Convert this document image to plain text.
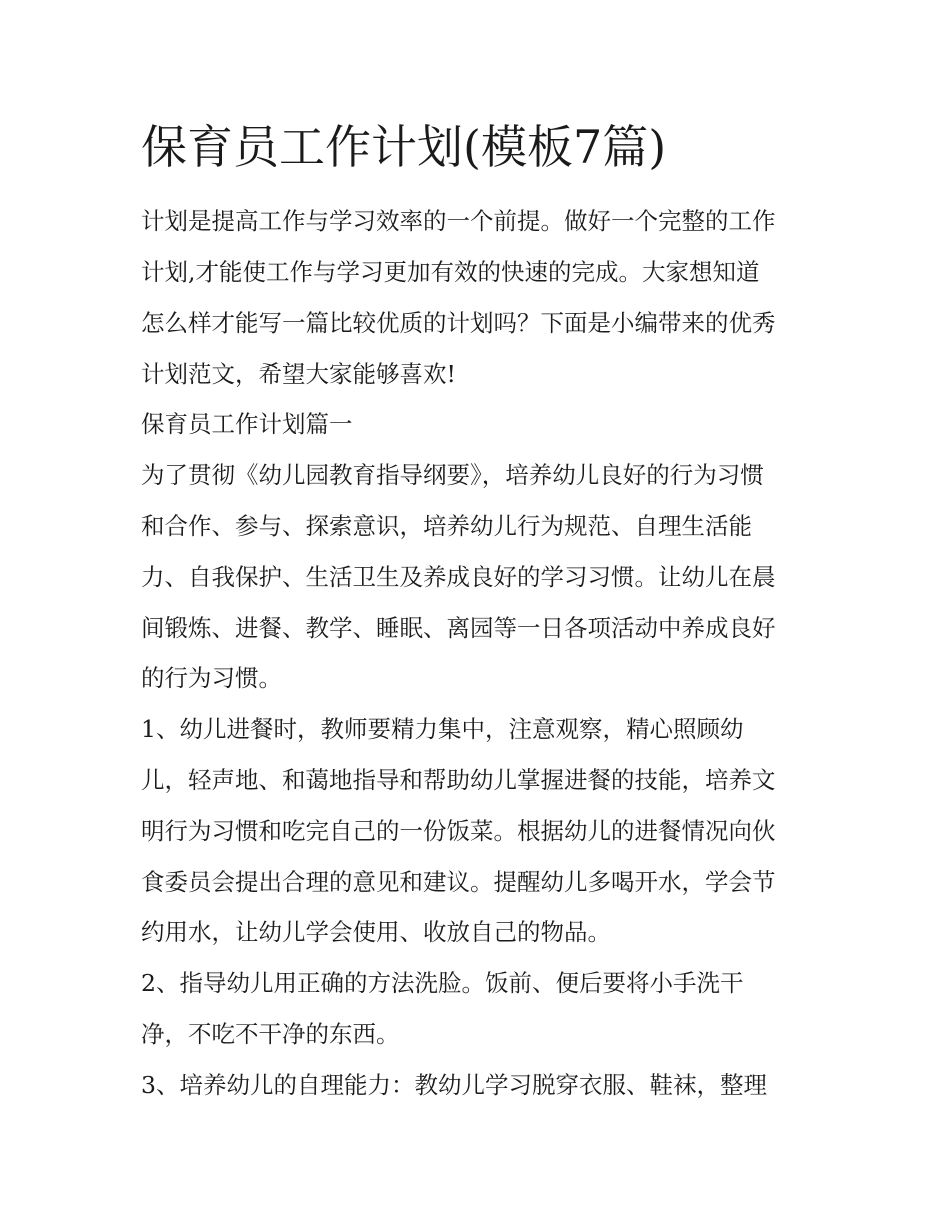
保育员工作计划(模板7篇)

计划是提高工作与学习效率的一个前提。做好一个完整的工作

计划,才能使工作与学习更加有效的快速的完成。大家想知道

怎么样才能写一篇比较优质的计划吗？下面是小编带来的优秀

计划范文，希望大家能够喜欢!

保育员工作计划篇一

为了贯彻《幼儿园教育指导纲要》，培养幼儿良好的行为习惯

和合作、参与、探索意识，培养幼儿行为规范、自理生活能

力、自我保护、生活卫生及养成良好的学习习惯。让幼儿在晨

间锻炼、进餐、教学、睡眠、离园等一日各项活动中养成良好

的行为习惯。

1、幼儿进餐时，教师要精力集中，注意观察，精心照顾幼

儿，轻声地、和蔼地指导和帮助幼儿掌握进餐的技能，培养文

明行为习惯和吃完自己的一份饭菜。根据幼儿的进餐情况向伙

食委员会提出合理的意见和建议。提醒幼儿多喝开水，学会节

约用水，让幼儿学会使用、收放自己的物品。

2、指导幼儿用正确的方法洗脸。饭前、便后要将小手洗干

净，不吃不干净的东西。

3、培养幼儿的自理能力：教幼儿学习脱穿衣服、鞋袜，整理
